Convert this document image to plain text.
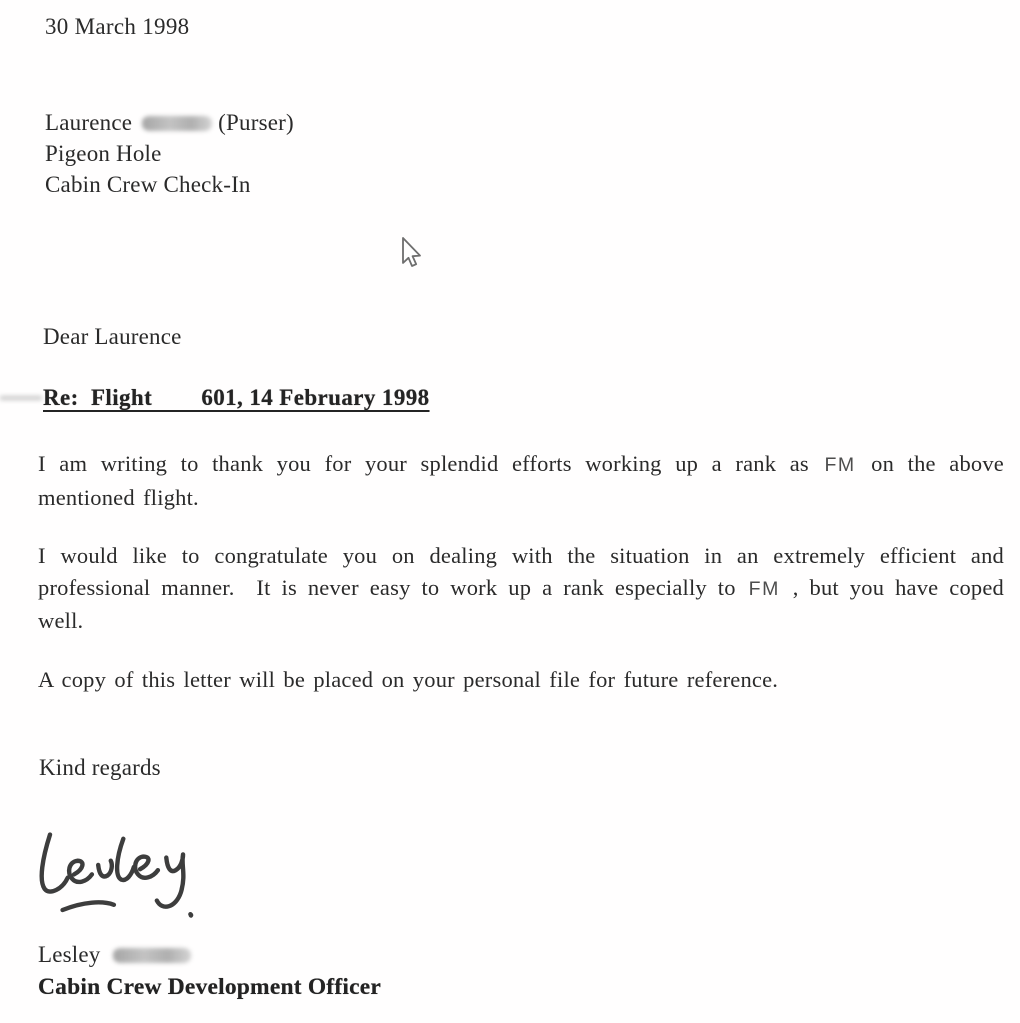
30 March 1998
Laurence	(Purser)
Pigeon Hole
Cabin Crew Check-In
Dear Laurence
Re:  Flight        601, 14 February 1998

I am writing to thank you for your splendid efforts working up a rank as FM on the above mentioned flight.

I would like to congratulate you on dealing with the situation in an extremely efficient and professional manner.  It is never easy to work up a rank especially to FM , but you have coped well.

A copy of this letter will be placed on your personal file for future reference.

Kind regards
Lesley
Cabin Crew Development Officer
